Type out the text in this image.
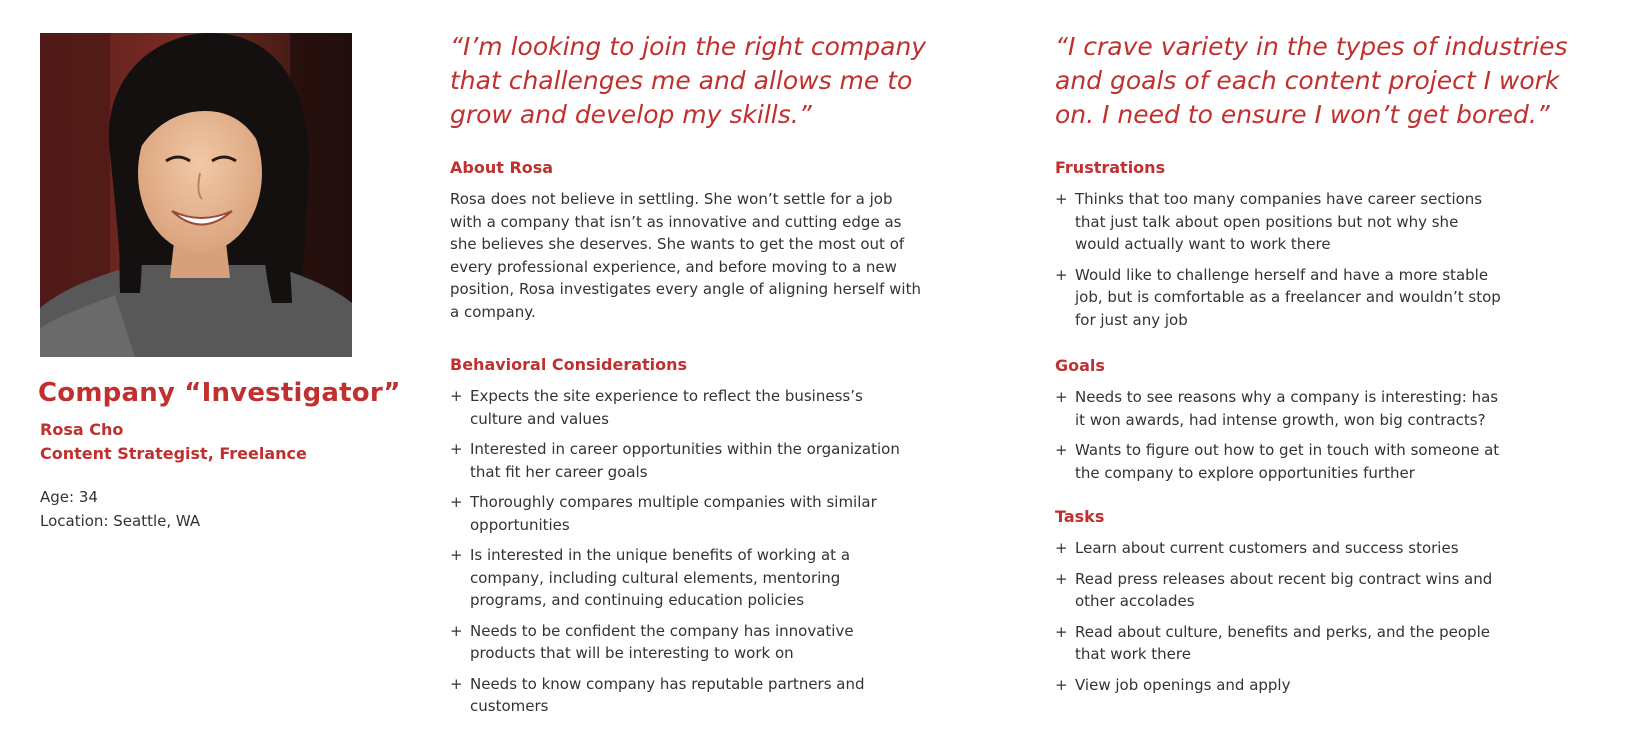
Company “Investigator”
Rosa Cho
Content Strategist, Freelance
Age: 34
Location: Seattle, WA
“I’m looking to join the right company
that challenges me and allows me to
grow and develop my skills.”
“I crave variety in the types of industries
and goals of each content project I work
on. I need to ensure I won’t get bored.”
About Rosa
Rosa does not believe in settling. She won’t settle for a job
with a company that isn’t as innovative and cutting edge as
she believes she deserves. She wants to get the most out of
every professional experience, and before moving to a new
position, Rosa investigates every angle of aligning herself with
a company.
Behavioral Considerations
+ Expects the site experience to reflect the business’s
culture and values
+ Interested in career opportunities within the organization
that fit her career goals
+ Thoroughly compares multiple companies with similar
opportunities
+ Is interested in the unique benefits of working at a
company, including cultural elements, mentoring
programs, and continuing education policies
+ Needs to be confident the company has innovative
products that will be interesting to work on
+ Needs to know company has reputable partners and
customers
Frustrations
+ Thinks that too many companies have career sections
that just talk about open positions but not why she
would actually want to work there
+ Would like to challenge herself and have a more stable
job, but is comfortable as a freelancer and wouldn’t stop
for just any job
Goals
+ Needs to see reasons why a company is interesting: has
it won awards, had intense growth, won big contracts?
+ Wants to figure out how to get in touch with someone at
the company to explore opportunities further
Tasks
+ Learn about current customers and success stories
+ Read press releases about recent big contract wins and
other accolades
+ Read about culture, benefits and perks, and the people
that work there
+ View job openings and apply
